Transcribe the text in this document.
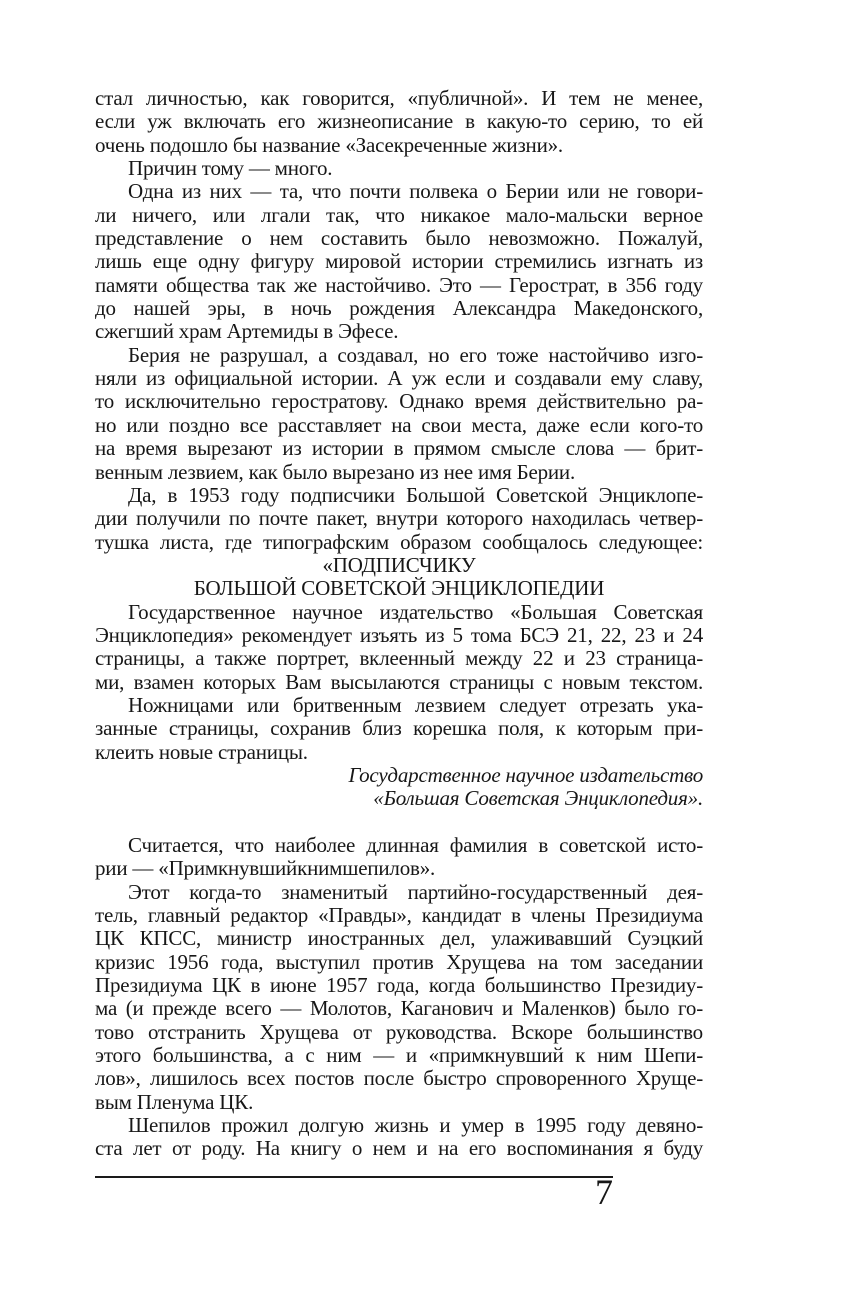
стал личностью, как говорится, «публичной». И тем не менее,
если уж включать его жизнеописание в какую-то серию, то ей
очень подошло бы название «Засекреченные жизни».
Причин тому — много.
Одна из них — та, что почти полвека о Берии или не говори-
ли ничего, или лгали так, что никакое мало-мальски верное
представление о нем составить было невозможно. Пожалуй,
лишь еще одну фигуру мировой истории стремились изгнать из
памяти общества так же настойчиво. Это — Герострат, в 356 году
до нашей эры, в ночь рождения Александра Македонского,
сжегший храм Артемиды в Эфесе.
Берия не разрушал, а создавал, но его тоже настойчиво изго-
няли из официальной истории. А уж если и создавали ему славу,
то исключительно геростратову. Однако время действительно ра-
но или поздно все расставляет на свои места, даже если кого-то
на время вырезают из истории в прямом смысле слова — брит-
венным лезвием, как было вырезано из нее имя Берии.
Да, в 1953 году подписчики Большой Советской Энциклопе-
дии получили по почте пакет, внутри которого находилась четвер-
тушка листа, где типографским образом сообщалось следующее:
«ПОДПИСЧИКУ
БОЛЬШОЙ СОВЕТСКОЙ ЭНЦИКЛОПЕДИИ
Государственное научное издательство «Большая Советская
Энциклопедия» рекомендует изъять из 5 тома БСЭ 21, 22, 23 и 24
страницы, а также портрет, вклеенный между 22 и 23 страница-
ми, взамен которых Вам высылаются страницы с новым текстом.
Ножницами или бритвенным лезвием следует отрезать ука-
занные страницы, сохранив близ корешка поля, к которым при-
клеить новые страницы.
Государственное научное издательство
«Большая Советская Энциклопедия».
Считается, что наиболее длинная фамилия в советской исто-
рии — «Примкнувшийкнимшепилов».
Этот когда-то знаменитый партийно-государственный дея-
тель, главный редактор «Правды», кандидат в члены Президиума
ЦК КПСС, министр иностранных дел, улаживавший Суэцкий
кризис 1956 года, выступил против Хрущева на том заседании
Президиума ЦК в июне 1957 года, когда большинство Президиу-
ма (и прежде всего — Молотов, Каганович и Маленков) было го-
тово отстранить Хрущева от руководства. Вскоре большинство
этого большинства, а с ним — и «примкнувший к ним Шепи-
лов», лишилось всех постов после быстро спроворенного Хруще-
вым Пленума ЦК.
Шепилов прожил долгую жизнь и умер в 1995 году девяно-
ста лет от роду. На книгу о нем и на его воспоминания я буду
7
